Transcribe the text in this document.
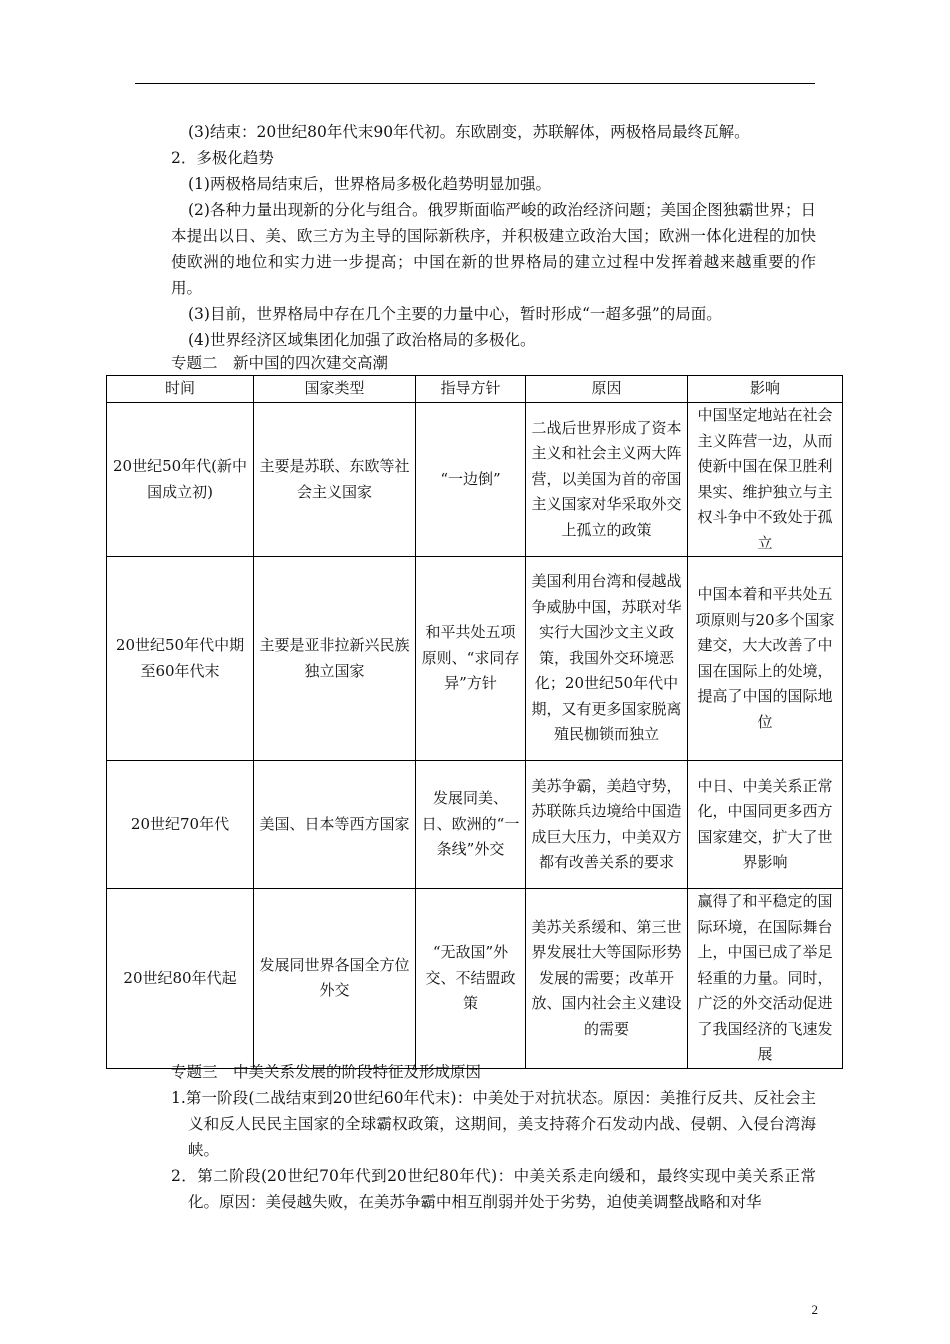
(3)结束：20世纪80年代末90年代初。东欧剧变，苏联解体，两极格局最终瓦解。
2．多极化趋势
(1)两极格局结束后，世界格局多极化趋势明显加强。
(2)各种力量出现新的分化与组合。俄罗斯面临严峻的政治经济问题；美国企图独霸世界；日本提出以日、美、欧三方为主导的国际新秩序，并积极建立政治大国；欧洲一体化进程的加快使欧洲的地位和实力进一步提高；中国在新的世界格局的建立过程中发挥着越来越重要的作用。
(3)目前，世界格局中存在几个主要的力量中心，暂时形成“一超多强”的局面。
(4)世界经济区域集团化加强了政治格局的多极化。
专题二　新中国的四次建交高潮
时间	国家类型	指导方针	原因	影响
20世纪50年代(新中国成立初)	主要是苏联、东欧等社会主义国家	“一边倒”	二战后世界形成了资本主义和社会主义两大阵营，以美国为首的帝国主义国家对华采取外交上孤立的政策	中国坚定地站在社会主义阵营一边，从而使新中国在保卫胜利果实、维护独立与主权斗争中不致处于孤立
20世纪50年代中期至60年代末	主要是亚非拉新兴民族独立国家	和平共处五项原则、“求同存异”方针	美国利用台湾和侵越战争威胁中国，苏联对华实行大国沙文主义政策，我国外交环境恶化；20世纪50年代中期，又有更多国家脱离殖民枷锁而独立	中国本着和平共处五项原则与20多个国家建交，大大改善了中国在国际上的处境，提高了中国的国际地位
20世纪70年代	美国、日本等西方国家	发展同美、日、欧洲的“一条线”外交	美苏争霸，美趋守势，苏联陈兵边境给中国造成巨大压力，中美双方都有改善关系的要求	中日、中美关系正常化，中国同更多西方国家建交，扩大了世界影响
20世纪80年代起	发展同世界各国全方位外交	“无敌国”外交、不结盟政策	美苏关系缓和、第三世界发展壮大等国际形势发展的需要；改革开放、国内社会主义建设的需要	赢得了和平稳定的国际环境，在国际舞台上，中国已成了举足轻重的力量。同时，广泛的外交活动促进了我国经济的飞速发展
专题三　中美关系发展的阶段特征及形成原因
1.第一阶段(二战结束到20世纪60年代末)：中美处于对抗状态。原因：美推行反共、反社会主义和反人民民主国家的全球霸权政策，这期间，美支持蒋介石发动内战、侵朝、入侵台湾海峡。
2．第二阶段(20世纪70年代到20世纪80年代)：中美关系走向缓和，最终实现中美关系正常化。原因：美侵越失败，在美苏争霸中相互削弱并处于劣势，迫使美调整战略和对华
2
